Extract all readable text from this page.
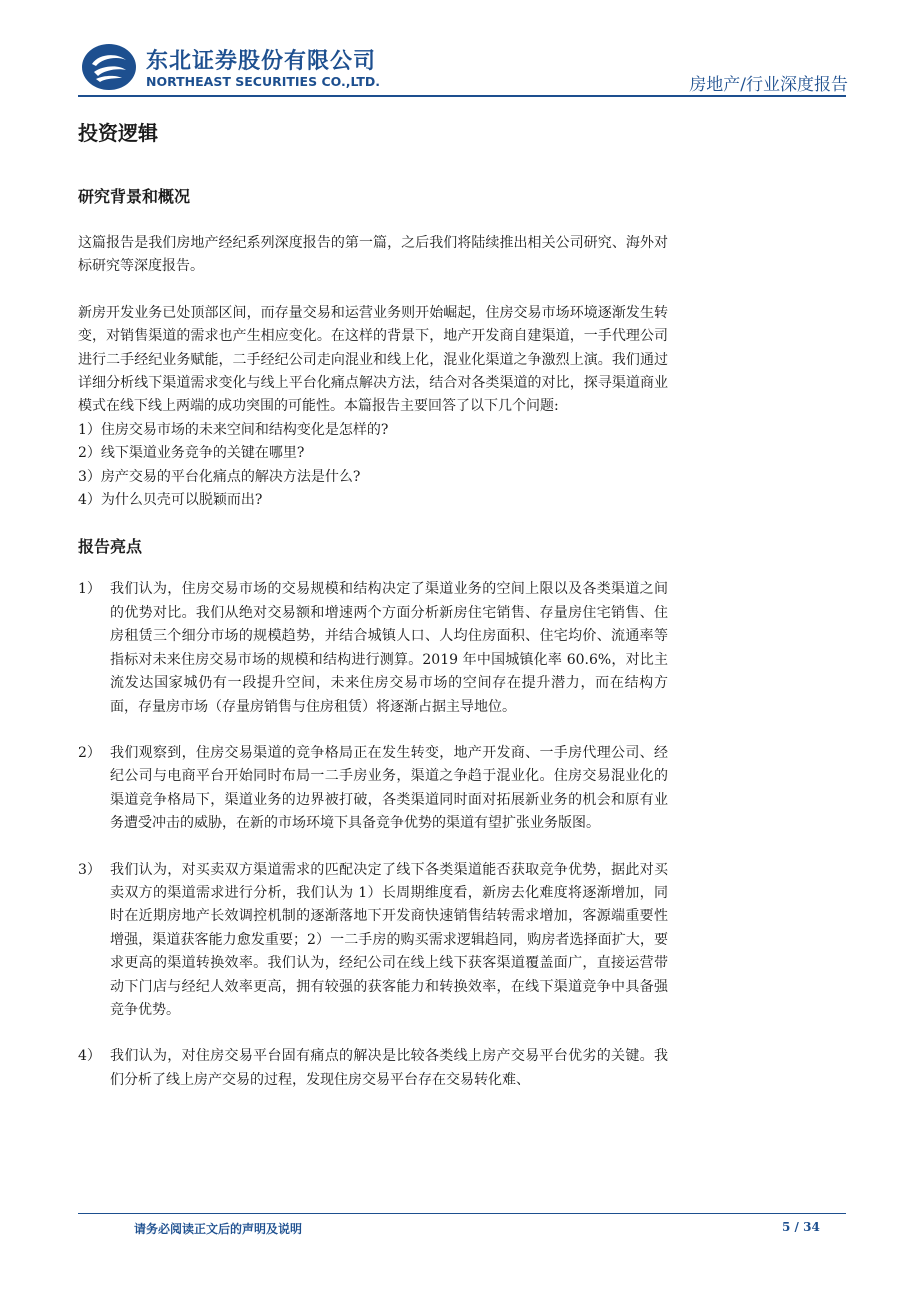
东北证券股份有限公司
NORTHEAST SECURITIES CO.,LTD.	房地产/行业深度报告
投资逻辑
研究背景和概况

这篇报告是我们房地产经纪系列深度报告的第一篇，之后我们将陆续推出相关公司研究、海外对标研究等深度报告。

新房开发业务已处顶部区间，而存量交易和运营业务则开始崛起，住房交易市场环境逐渐发生转变，对销售渠道的需求也产生相应变化。在这样的背景下，地产开发商自建渠道，一手代理公司进行二手经纪业务赋能，二手经纪公司走向混业和线上化，混业化渠道之争激烈上演。我们通过详细分析线下渠道需求变化与线上平台化痛点解决方法，结合对各类渠道的对比，探寻渠道商业模式在线下线上两端的成功突围的可能性。本篇报告主要回答了以下几个问题:

1）住房交易市场的未来空间和结构变化是怎样的?
2）线下渠道业务竞争的关键在哪里?
3）房产交易的平台化痛点的解决方法是什么?
4）为什么贝壳可以脱颖而出?
报告亮点
1） 我们认为，住房交易市场的交易规模和结构决定了渠道业务的空间上限以及各类渠道之间的优势对比。我们从绝对交易额和增速两个方面分析新房住宅销售、存量房住宅销售、住房租赁三个细分市场的规模趋势，并结合城镇人口、人均住房面积、住宅均价、流通率等指标对未来住房交易市场的规模和结构进行测算。2019 年中国城镇化率 60.6%，对比主流发达国家城仍有一段提升空间，未来住房交易市场的空间存在提升潜力，而在结构方面，存量房市场（存量房销售与住房租赁）将逐渐占据主导地位。
2） 我们观察到，住房交易渠道的竞争格局正在发生转变，地产开发商、一手房代理公司、经纪公司与电商平台开始同时布局一二手房业务，渠道之争趋于混业化。住房交易混业化的渠道竞争格局下，渠道业务的边界被打破，各类渠道同时面对拓展新业务的机会和原有业务遭受冲击的威胁，在新的市场环境下具备竞争优势的渠道有望扩张业务版图。
3） 我们认为，对买卖双方渠道需求的匹配决定了线下各类渠道能否获取竞争优势，据此对买卖双方的渠道需求进行分析，我们认为 1）长周期维度看，新房去化难度将逐渐增加，同时在近期房地产长效调控机制的逐渐落地下开发商快速销售结转需求增加，客源端重要性增强，渠道获客能力愈发重要；2）一二手房的购买需求逻辑趋同，购房者选择面扩大，要求更高的渠道转换效率。我们认为，经纪公司在线上线下获客渠道覆盖面广，直接运营带动下门店与经纪人效率更高，拥有较强的获客能力和转换效率，在线下渠道竞争中具备强竞争优势。
4） 我们认为，对住房交易平台固有痛点的解决是比较各类线上房产交易平台优劣的关键。我们分析了线上房产交易的过程，发现住房交易平台存在交易转化难、
请务必阅读正文后的声明及说明	5 / 34
